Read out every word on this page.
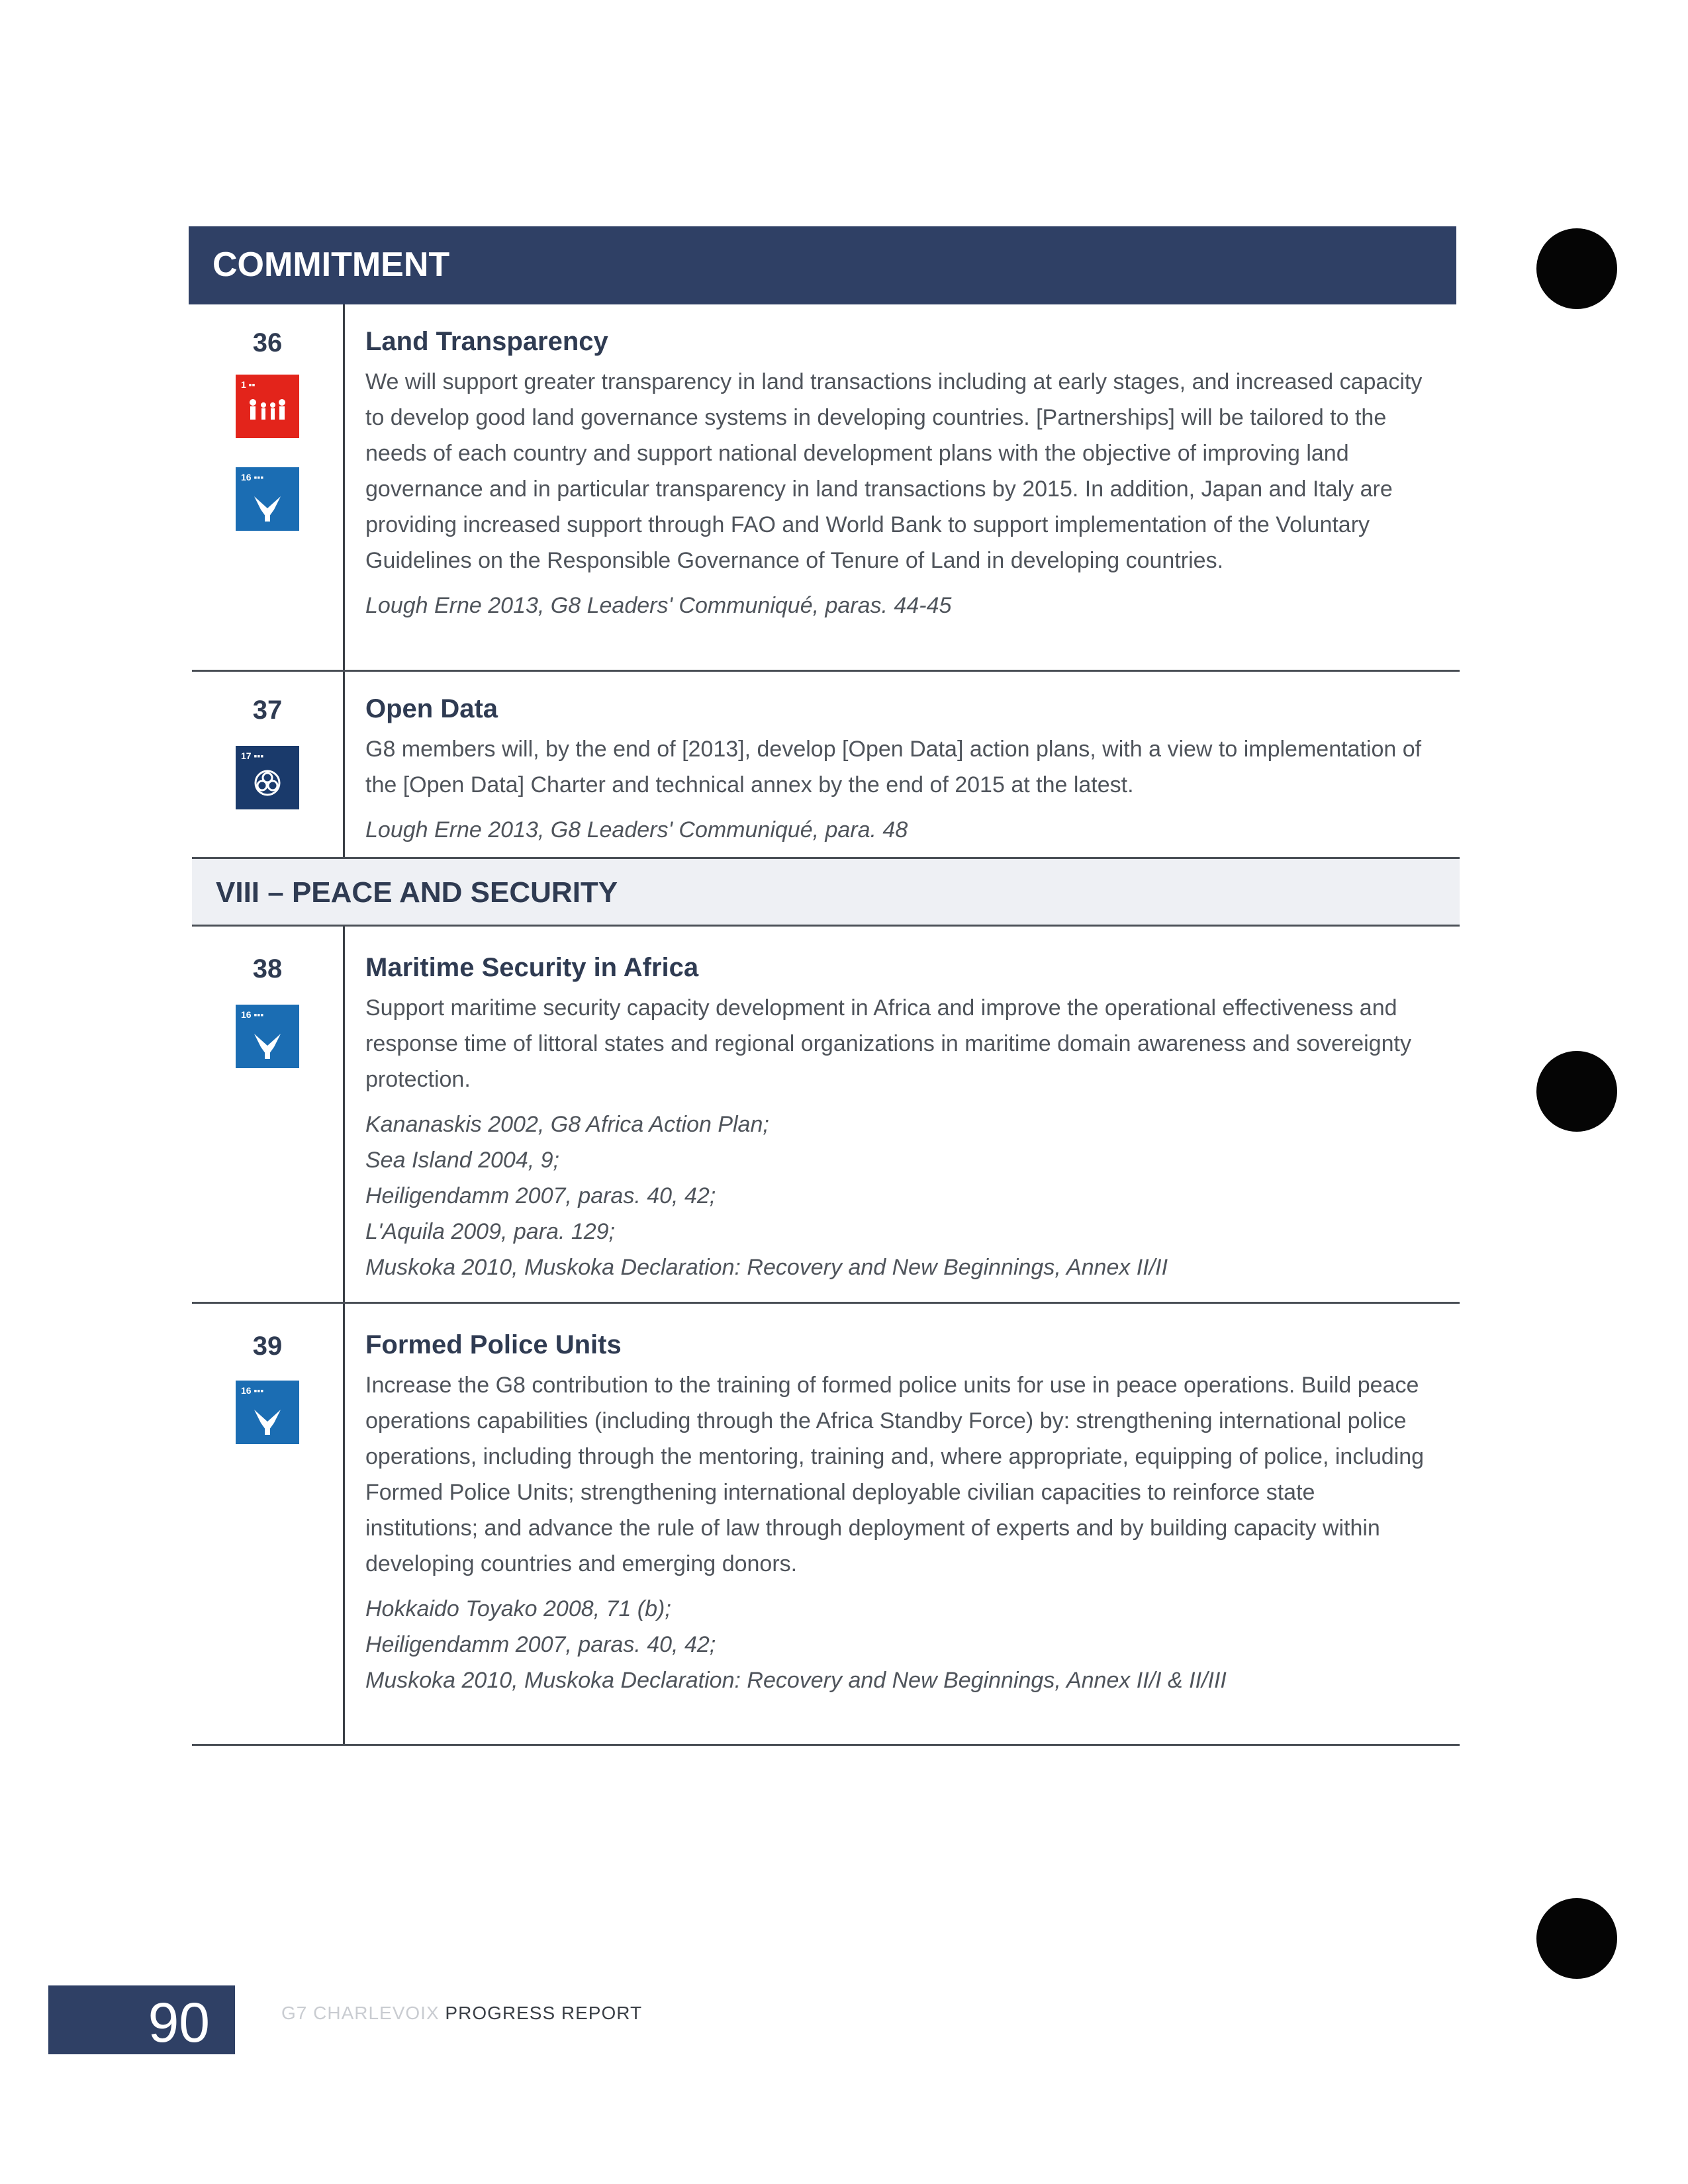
COMMITMENT
36
1 ▪▪
16 ▪▪▪
Land Transparency

We will support greater transparency in land transactions including at early stages, and increased capacity to develop good land governance systems in developing countries. [Partnerships] will be tailored to the needs of each country and support national development plans with the objective of improving land governance and in particular transparency in land transactions by 2015. In addition, Japan and Italy are providing increased support through FAO and World Bank to support implementation of the Voluntary Guidelines on the Responsible Governance of Tenure of Land in developing countries.

Lough Erne 2013, G8 Leaders' Communiqué, paras. 44-45

37
17 ▪▪▪
Open Data

G8 members will, by the end of [2013], develop [Open Data] action plans, with a view to implementation of the [Open Data] Charter and technical annex by the end of 2015 at the latest.

Lough Erne 2013, G8 Leaders' Communiqué, para. 48

VIII – PEACE AND SECURITY
38
16 ▪▪▪
Maritime Security in Africa

Support maritime security capacity development in Africa and improve the operational effectiveness and response time of littoral states and regional organizations in maritime domain awareness and sovereignty protection.

Kananaskis 2002, G8 Africa Action Plan;
Sea Island 2004, 9;
Heiligendamm 2007, paras. 40, 42;
L'Aquila 2009, para. 129;
Muskoka 2010, Muskoka Declaration: Recovery and New Beginnings, Annex II/II

39
16 ▪▪▪
Formed Police Units

Increase the G8 contribution to the training of formed police units for use in peace operations. Build peace operations capabilities (including through the Africa Standby Force) by: strengthening international police operations, including through the mentoring, training and, where appropriate, equipping of police, including Formed Police Units; strengthening international deployable civilian capacities to reinforce state institutions; and advance the rule of law through deployment of experts and by building capacity within developing countries and emerging donors.

Hokkaido Toyako 2008, 71 (b);
Heiligendamm 2007, paras. 40, 42;
Muskoka 2010, Muskoka Declaration: Recovery and New Beginnings, Annex II/I & II/III

90	G7 CHARLEVOIX PROGRESS REPORT
